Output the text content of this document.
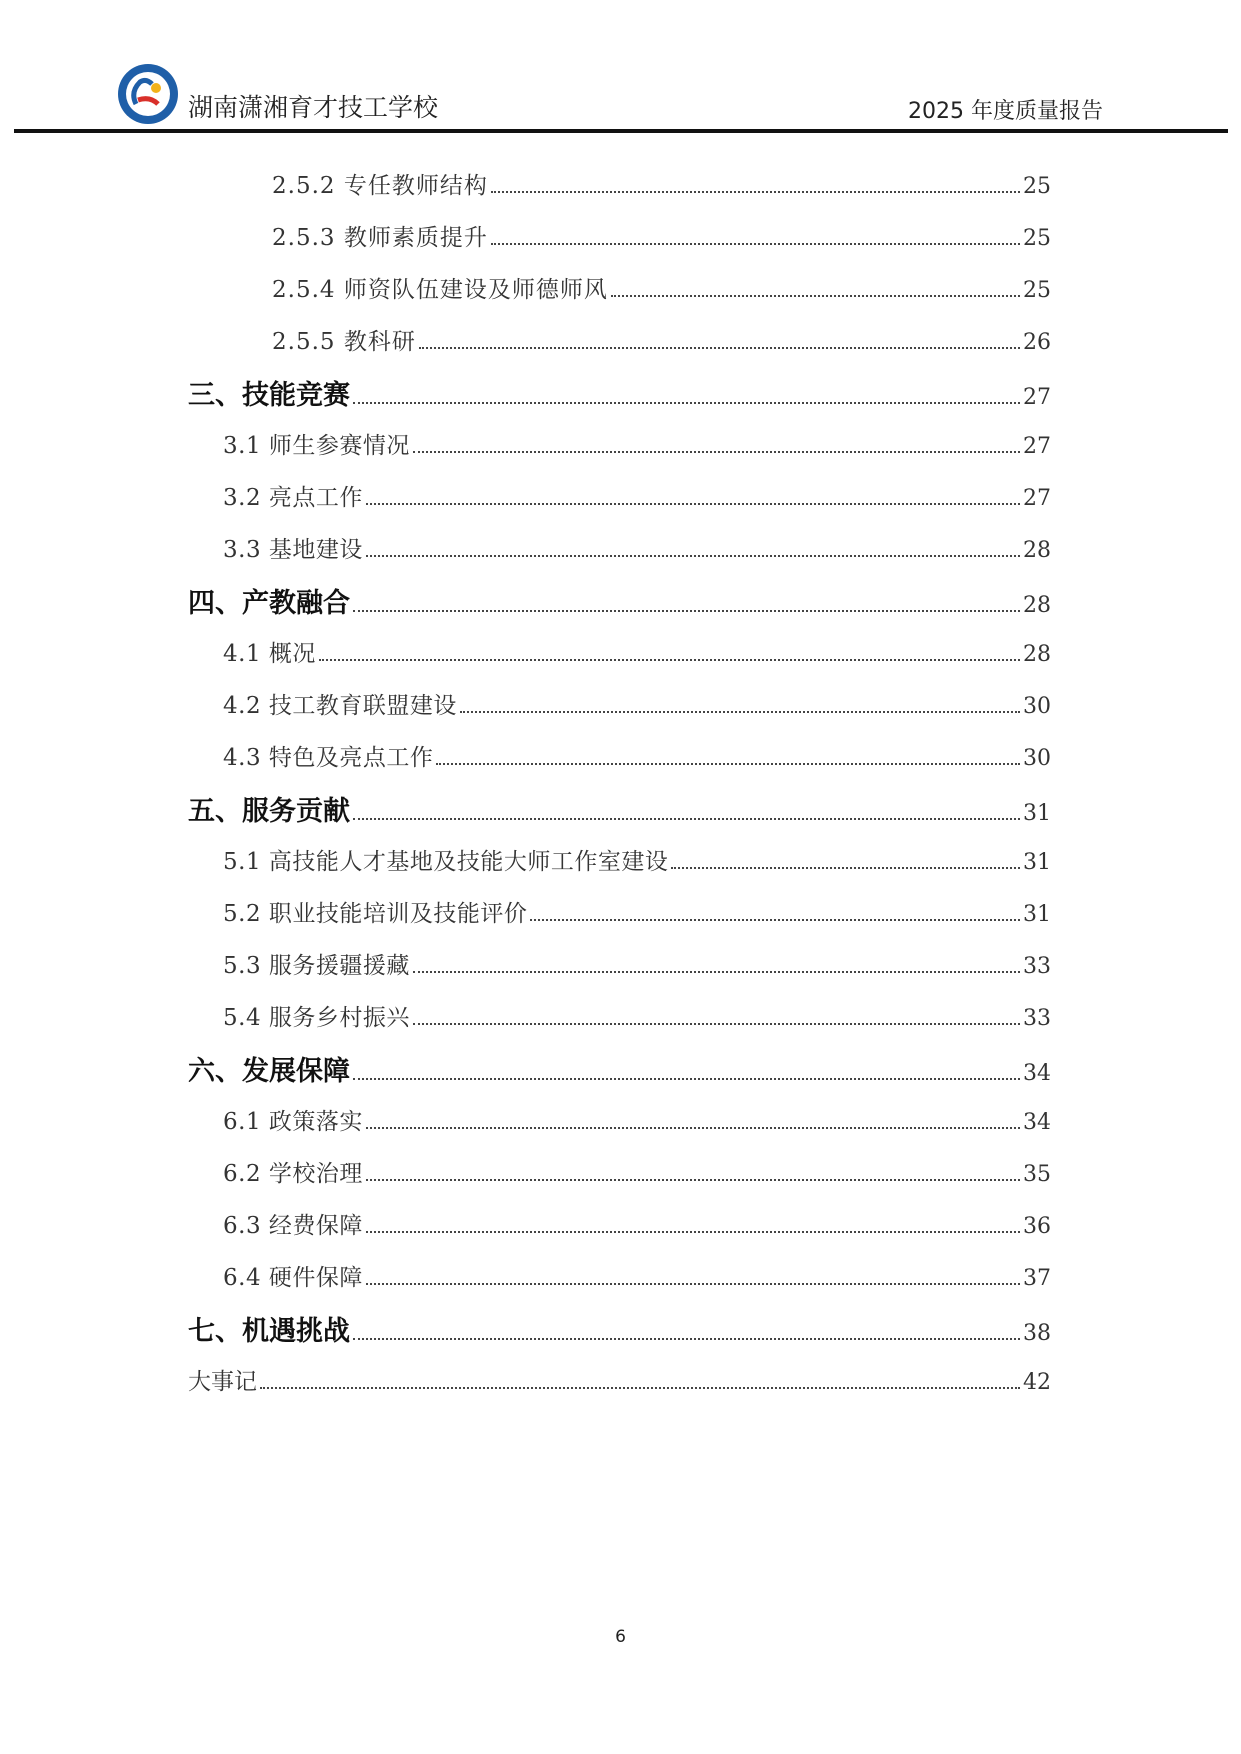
湖南潇湘育才技工学校	2025 年度质量报告
2.5.2 专任教师结构	25
2.5.3 教师素质提升	25
2.5.4 师资队伍建设及师德师风	25
2.5.5 教科研	26
三、技能竞赛	27
3.1 师生参赛情况	27
3.2 亮点工作	27
3.3 基地建设	28
四、产教融合	28
4.1 概况	28
4.2 技工教育联盟建设	30
4.3 特色及亮点工作	30
五、服务贡献	31
5.1 高技能人才基地及技能大师工作室建设	31
5.2 职业技能培训及技能评价	31
5.3 服务援疆援藏	33
5.4 服务乡村振兴	33
六、发展保障	34
6.1 政策落实	34
6.2 学校治理	35
6.3 经费保障	36
6.4 硬件保障	37
七、机遇挑战	38
大事记	42
6
